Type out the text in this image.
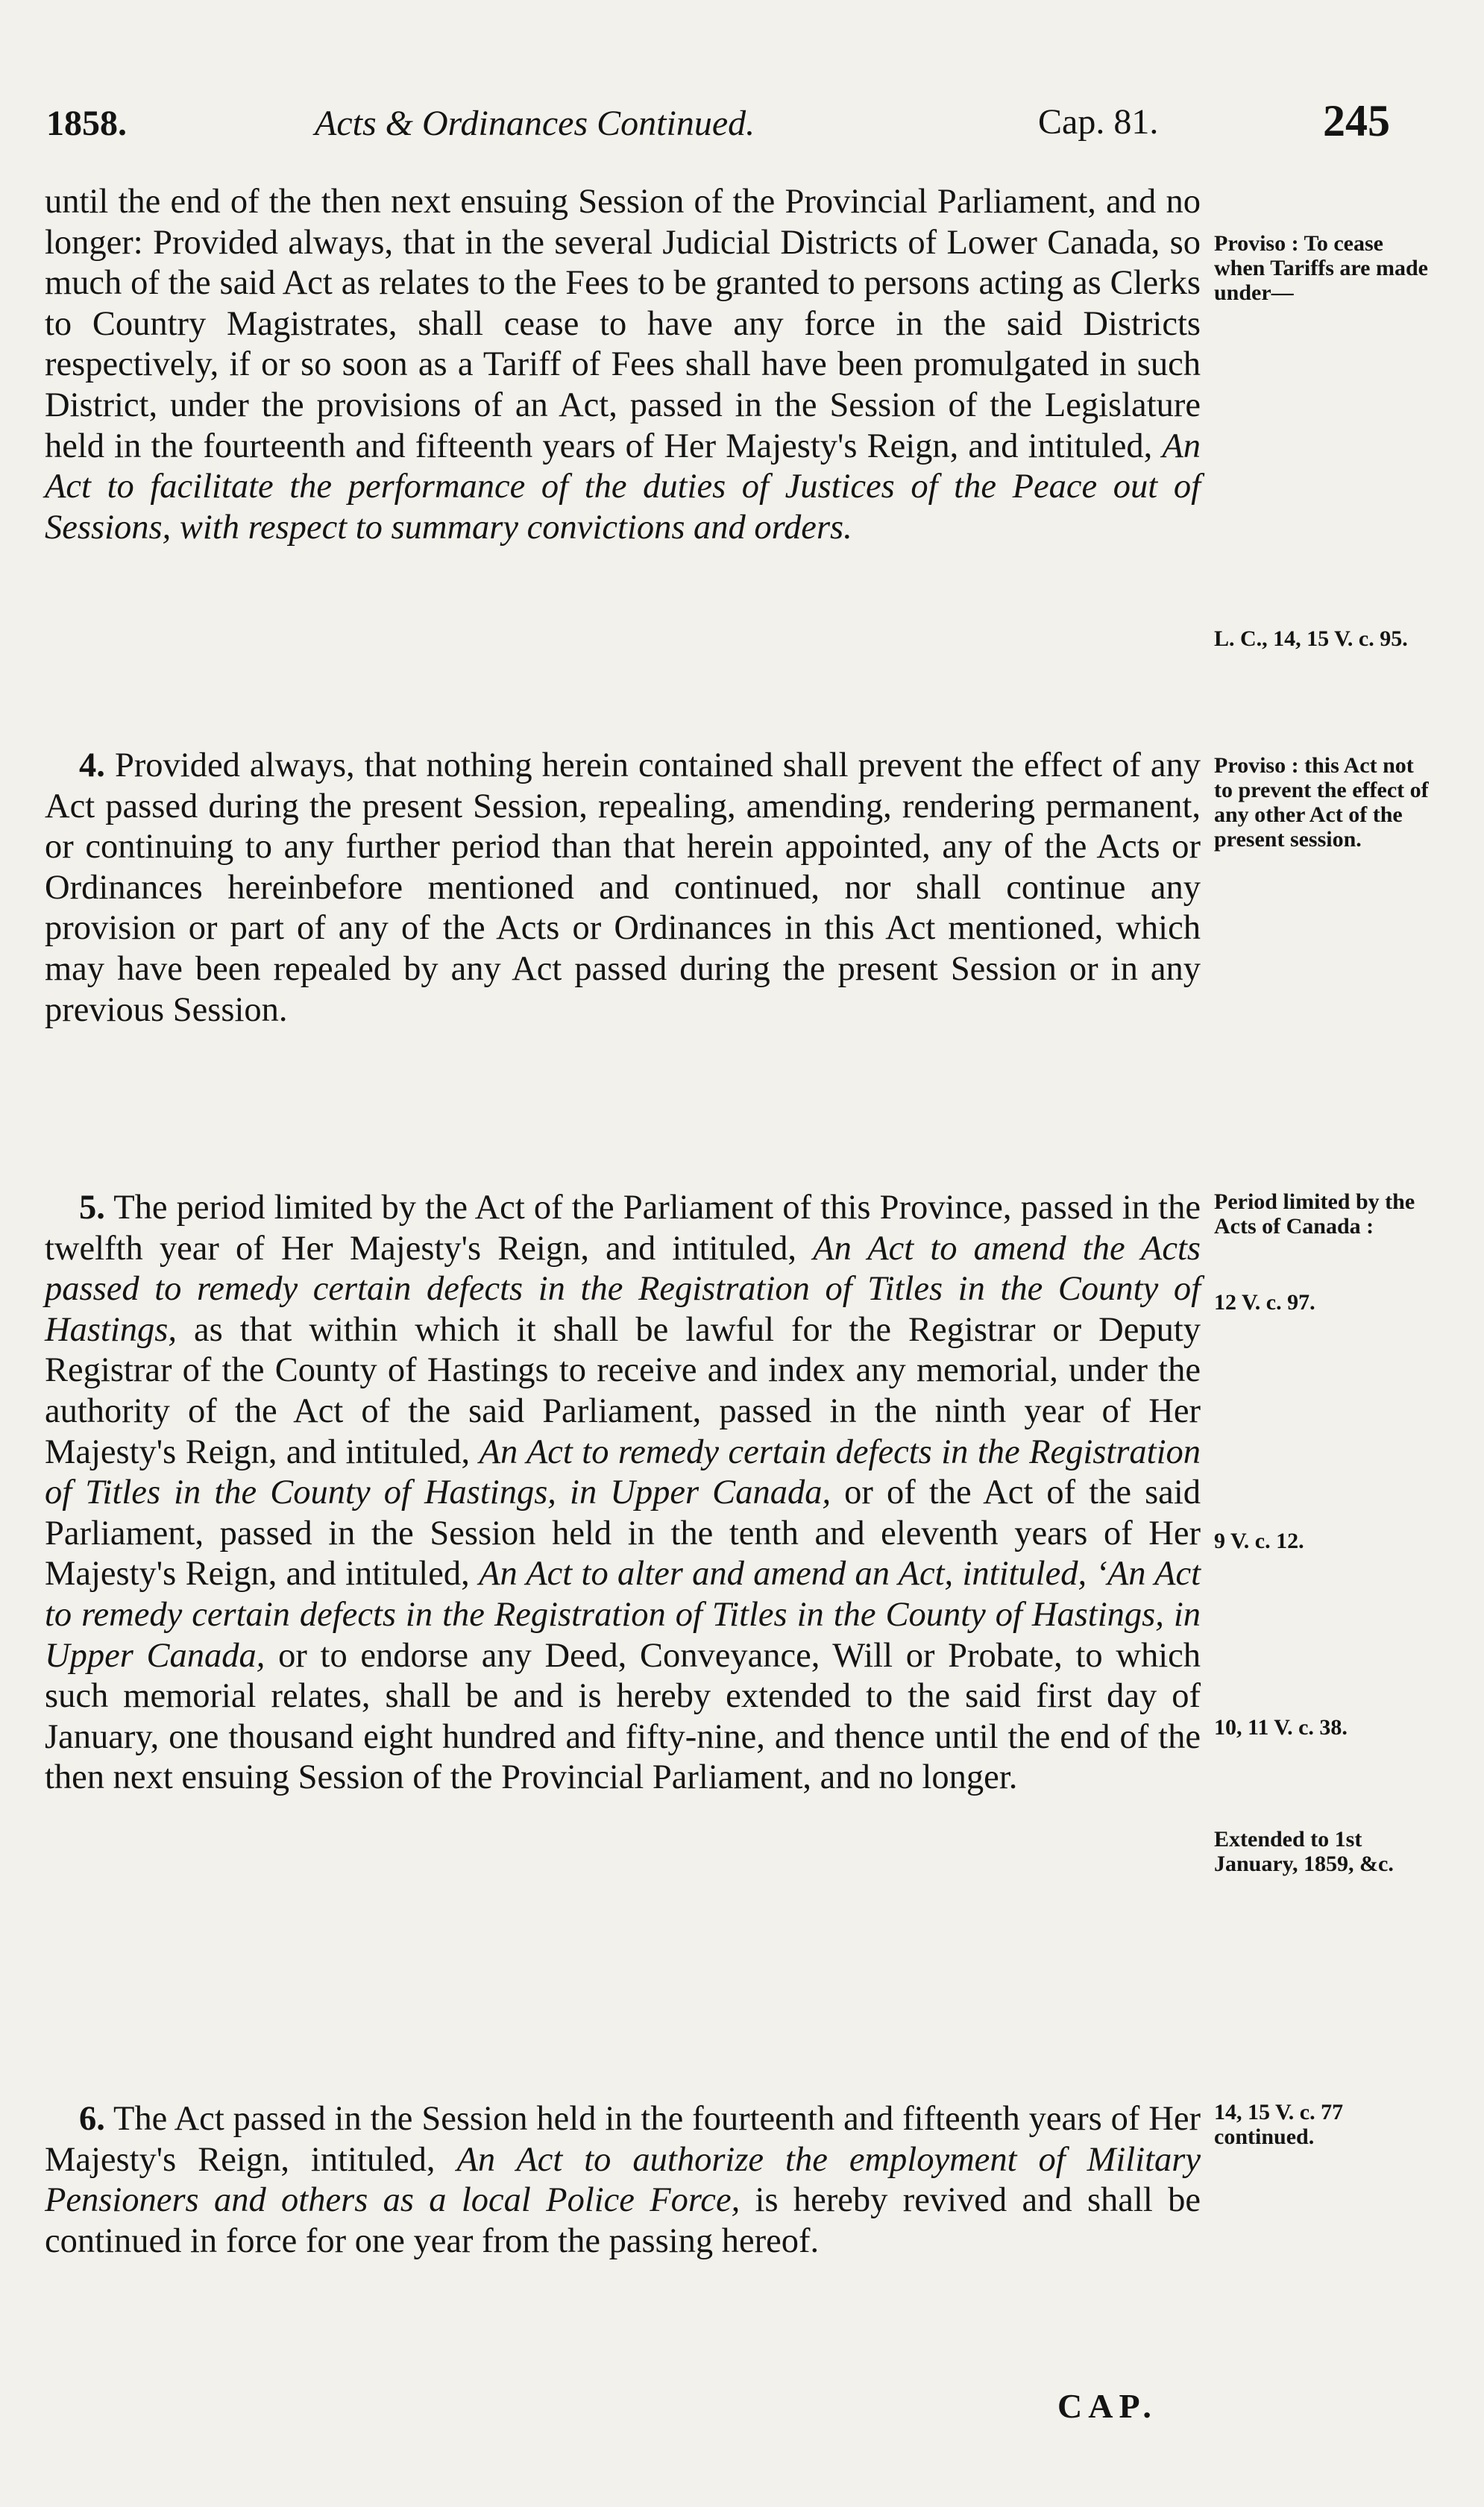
1858.	Acts & Ordinances Continued.	Cap. 81.	245

until the end of the then next ensuing Session of the Provincial Parliament, and no longer: Provided always, that in the several Judicial Districts of Lower Canada, so much of the said Act as relates to the Fees to be granted to persons acting as Clerks to Country Magistrates, shall cease to have any force in the said Districts respectively, if or so soon as a Tariff of Fees shall have been promulgated in such District, under the provisions of an Act, passed in the Session of the Legislature held in the fourteenth and fifteenth years of Her Majesty's Reign, and intituled, An Act to facilitate the performance of the duties of Justices of the Peace out of Sessions, with respect to summary convictions and orders.

4. Provided always, that nothing herein contained shall prevent the effect of any Act passed during the present Session, repealing, amending, rendering permanent, or continuing to any further period than that herein appointed, any of the Acts or Ordinances hereinbefore mentioned and continued, nor shall continue any provision or part of any of the Acts or Ordinances in this Act mentioned, which may have been repealed by any Act passed during the present Session or in any previous Session.

5. The period limited by the Act of the Parliament of this Province, passed in the twelfth year of Her Majesty's Reign, and intituled, An Act to amend the Acts passed to remedy certain defects in the Registration of Titles in the County of Hastings, as that within which it shall be lawful for the Registrar or Deputy Registrar of the County of Hastings to receive and index any memorial, under the authority of the Act of the said Parliament, passed in the ninth year of Her Majesty's Reign, and intituled, An Act to remedy certain defects in the Registration of Titles in the County of Hastings, in Upper Canada, or of the Act of the said Parliament, passed in the Session held in the tenth and eleventh years of Her Majesty's Reign, and intituled, An Act to alter and amend an Act, intituled, ‘An Act to remedy certain defects in the Registration of Titles in the County of Hastings, in Upper Canada, or to endorse any Deed, Conveyance, Will or Probate, to which such memorial relates, shall be and is hereby extended to the said first day of January, one thousand eight hundred and fifty-nine, and thence until the end of the then next ensuing Session of the Provincial Parliament, and no longer.

6. The Act passed in the Session held in the fourteenth and fifteenth years of Her Majesty's Reign, intituled, An Act to authorize the employment of Military Pensioners and others as a local Police Force, is hereby revived and shall be continued in force for one year from the passing hereof.

Proviso : To cease when Tariffs are made under—
L. C., 14, 15 V. c. 95.
Proviso : this Act not to prevent the effect of any other Act of the present session.
Period limited by the Acts of Canada :
12 V. c. 97.
9 V. c. 12.
10, 11 V. c. 38.
Extended to 1st January, 1859, &c.
14, 15 V. c. 77 continued.
CAP.
